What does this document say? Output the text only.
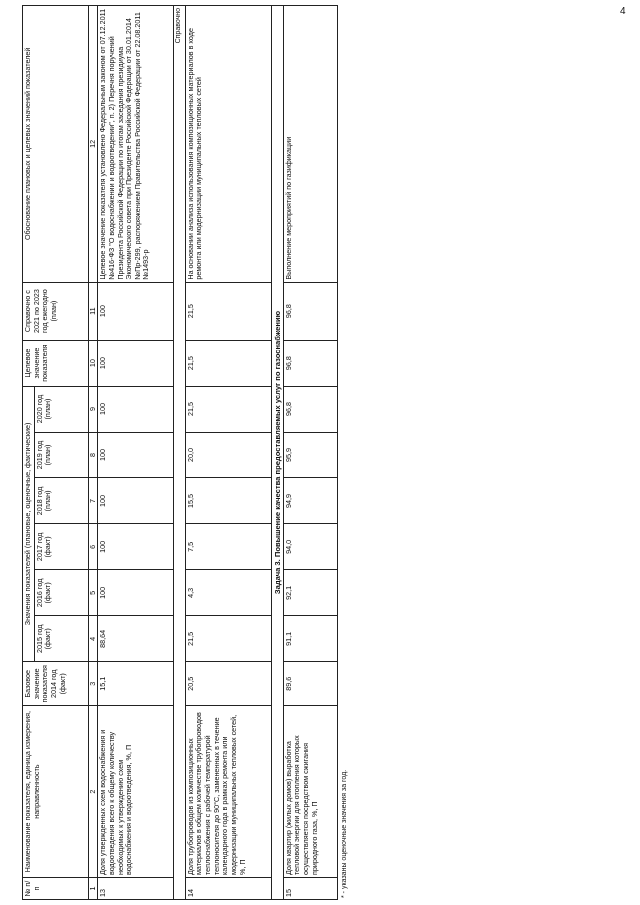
4
№ п/п	Наименование показателя, единица измерения, направленность	Базовое значение показателя 2014 год (факт)	Значения показателей (плановые, оценочные, фактические)						Целевое значение показателя	Справочно с 2021 по 2023 год ежегодно (план)	Обоснование плановых и целевых значений показателей
			2015 год (факт)	2016 год (факт)	2017 год (факт)	2018 год (план)	2019 год (план)	2020 год (план)			
1	2	3	4	5	6	7	8	9	10	11	12
13	Доля утвержденных схем водоснабжения и водоотведения всего к общему количеству необходимых к утверждению схем водоснабжения и водоотведения, %, П	15,1	88,64	100	100	100	100	100	100	100	Целевое значение показателя установлено Федеральным законом от 07.12.2011 №416-ФЗ "О водоснабжении и водоотведении", п. 2) Перечня поручений Президента Российской Федерации по итогам заседания президиума Экономического совета при Президенте Российской Федерации от 30.01.2014 №Пр-299, распоряжением Правительства Российской Федерации от 22.08.2011 №1493-р
Справочно											
14	Доля трубопроводов из композиционных материалов в общем количестве трубопроводов теплоснабжения с рабочей температурой теплоносителя до 90°С, замененных в течение календарного года в рамках ремонта или модернизации муниципальных тепловых сетей, %, П	20,5	21,5	4,3	7,5	15,5	20,0	21,5	21,5	21,5	На основании анализа использования композиционных материалов в ходе ремонта или модернизации муниципальных тепловых сетей
Задача 3. Повышение качества предоставляемых услуг по газоснабжению											
15	Доля квартир (жилых домов) выработка тепловой энергии для отопления которых осуществляется посредством сжигания природного газа, %, П	89,6	91,1	92,1	94,0	94,9	95,9	96,8	96,8	96,8	Выполнение мероприятий по газификации
* - указаны оценочные значения за год.
